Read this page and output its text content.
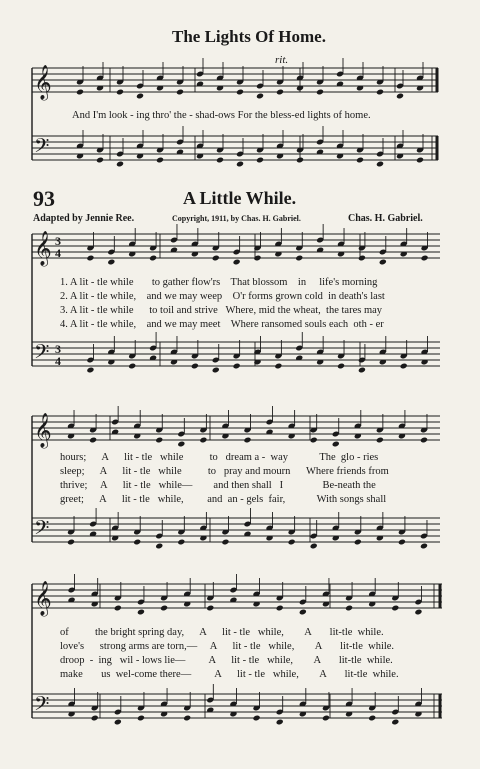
The Lights Of Home.
rit.
𝄞
𝄢
𝄞
𝄢
𝄞
𝄢
𝄞
𝄢
3
4
3
4
And I'm look - ing thro' the - shad-ows For the bless-ed lights of home.
93	A Little While.
Adapted by Jennie Ree.	Copyright, 1911, by Chas. H. Gabriel.	Chas. H. Gabriel.
1. A lit - tle while       to gather flow'rs    That blossom    in     life's morning
2. A lit - tle while,    and we may weep    O'r forms grown cold  in death's last
3. A lit - tle while      to toil and strive   Where, mid the wheat,  the tares may
4. A lit - tle while,    and we may meet    Where ransomed souls each  oth - er
hours;      A      lit - tle   while          to   dream a -  way            The  glo - ries
sleep;      A      lit - tle   while          to   pray and mourn      Where friends from
thrive;     A      lit - tle   while—        and then shall   I               Be-neath the
greet;      A      lit - tle   while,         and  an - gels  fair,            With songs shall
of          the bright spring day,      A      lit - tle   while,        A       lit-tle  while.
love's      strong arms are torn,—     A      lit - tle   while,        A       lit-tle  while.
droop  -  ing   wil - lows lie—         A      lit - tle   while,        A       lit-tle  while.
make       us  wel-come there—         A      lit - tle   while,        A       lit-tle  while.
